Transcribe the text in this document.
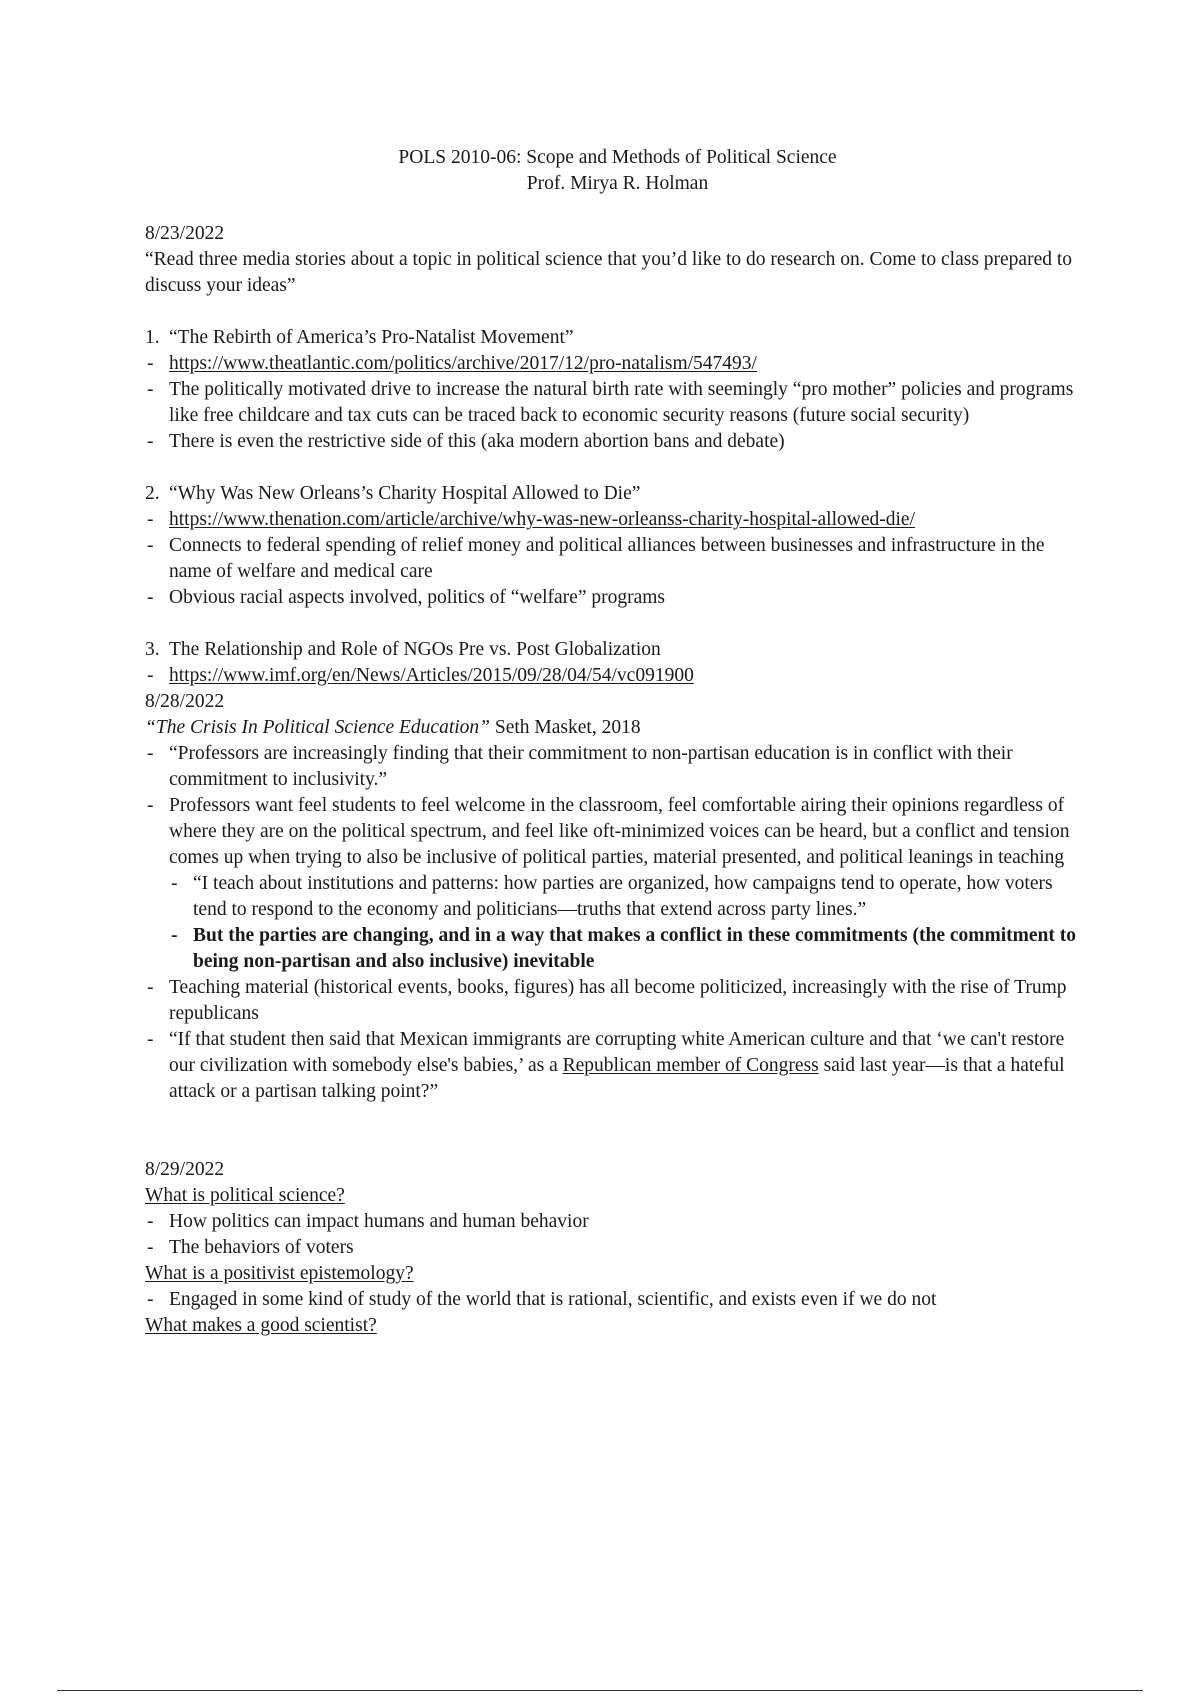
POLS 2010-06: Scope and Methods of Political Science
Prof. Mirya R. Holman
8/23/2022
“Read three media stories about a topic in political science that you’d like to do research on. Come to class prepared to discuss your ideas”
1. “The Rebirth of America’s Pro-Natalist Movement”
- https://www.theatlantic.com/politics/archive/2017/12/pro-natalism/547493/
- The politically motivated drive to increase the natural birth rate with seemingly “pro mother” policies and programs like free childcare and tax cuts can be traced back to economic security reasons (future social security)
- There is even the restrictive side of this (aka modern abortion bans and debate)
2. “Why Was New Orleans’s Charity Hospital Allowed to Die”
- https://www.thenation.com/article/archive/why-was-new-orleanss-charity-hospital-allowed-die/
- Connects to federal spending of relief money and political alliances between businesses and infrastructure in the name of welfare and medical care
- Obvious racial aspects involved, politics of “welfare” programs
3. The Relationship and Role of NGOs Pre vs. Post Globalization
- https://www.imf.org/en/News/Articles/2015/09/28/04/54/vc091900
8/28/2022
“The Crisis In Political Science Education” Seth Masket, 2018
- “Professors are increasingly finding that their commitment to non-partisan education is in conflict with their commitment to inclusivity.”
- Professors want feel students to feel welcome in the classroom, feel comfortable airing their opinions regardless of where they are on the political spectrum, and feel like oft-minimized voices can be heard, but a conflict and tension comes up when trying to also be inclusive of political parties, material presented, and political leanings in teaching
- “I teach about institutions and patterns: how parties are organized, how campaigns tend to operate, how voters tend to respond to the economy and politicians—truths that extend across party lines.”
- But the parties are changing, and in a way that makes a conflict in these commitments (the commitment to being non-partisan and also inclusive) inevitable
- Teaching material (historical events, books, figures) has all become politicized, increasingly with the rise of Trump republicans
- “If that student then said that Mexican immigrants are corrupting white American culture and that ‘we can't restore our civilization with somebody else's babies,’ as a Republican member of Congress said last year—is that a hateful attack or a partisan talking point?”
8/29/2022
What is political science?
- How politics can impact humans and human behavior
- The behaviors of voters
What is a positivist epistemology?
- Engaged in some kind of study of the world that is rational, scientific, and exists even if we do not
What makes a good scientist?
